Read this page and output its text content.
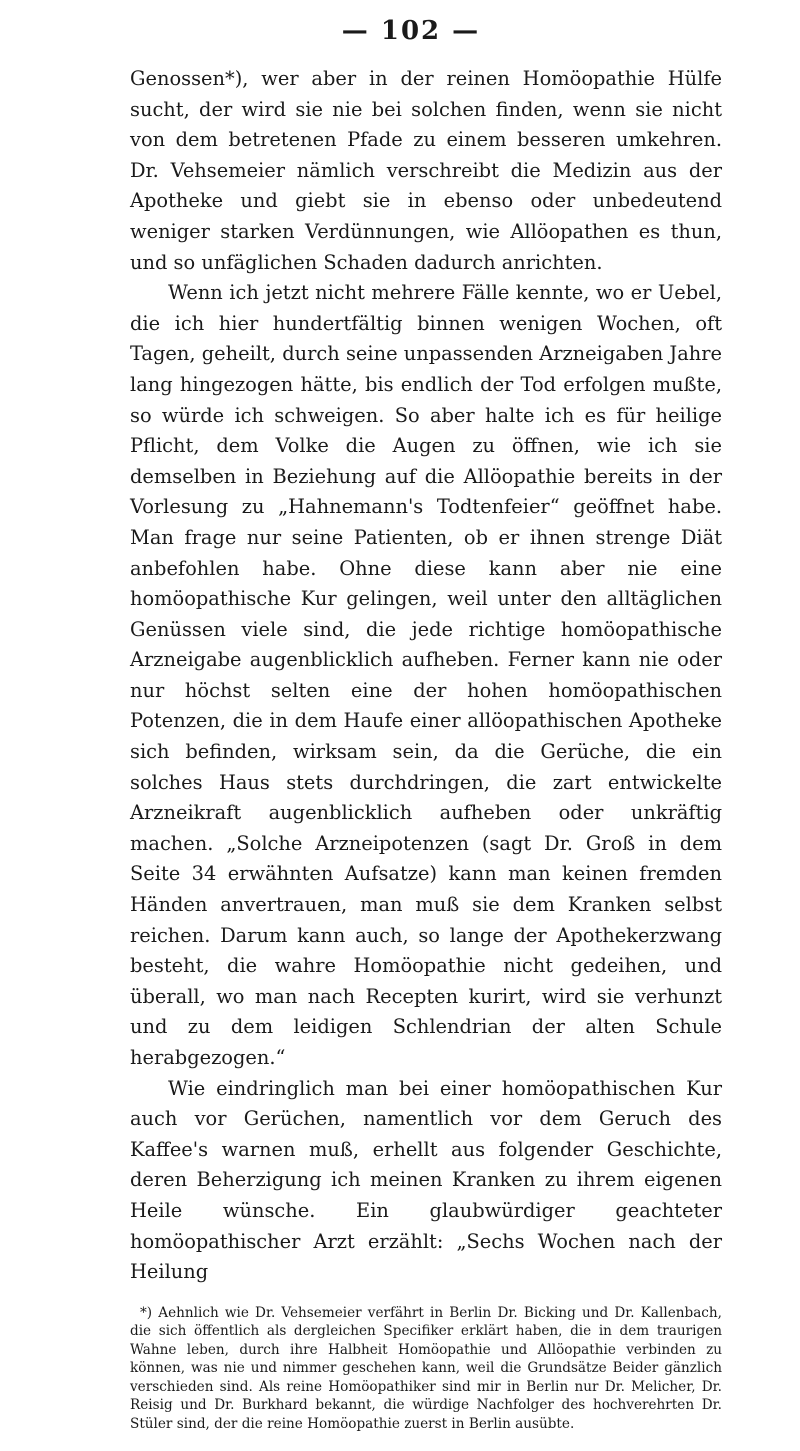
— 102 —

Genossen*), wer aber in der reinen Homöopathie Hülfe sucht, der wird sie nie bei solchen finden, wenn sie nicht von dem betretenen Pfade zu einem besseren umkehren. Dr. Vehsemeier nämlich verschreibt die Medizin aus der Apotheke und giebt sie in ebenso oder unbedeutend weniger starken Verdünnungen, wie Allöopathen es thun, und so unfäglichen Schaden dadurch anrichten.

Wenn ich jetzt nicht mehrere Fälle kennte, wo er Uebel, die ich hier hundertfältig binnen wenigen Wochen, oft Tagen, geheilt, durch seine unpassenden Arzneigaben Jahre lang hingezogen hätte, bis endlich der Tod erfolgen mußte, so würde ich schweigen. So aber halte ich es für heilige Pflicht, dem Volke die Augen zu öffnen, wie ich sie demselben in Beziehung auf die Allöopathie bereits in der Vorlesung zu „Hahnemann's Todtenfeier“ geöffnet habe. Man frage nur seine Patienten, ob er ihnen strenge Diät anbefohlen habe. Ohne diese kann aber nie eine homöopathische Kur gelingen, weil unter den alltäglichen Genüssen viele sind, die jede richtige homöopathische Arzneigabe augenblicklich aufheben. Ferner kann nie oder nur höchst selten eine der hohen homöopathischen Potenzen, die in dem Haufe einer allöopathischen Apotheke sich befinden, wirksam sein, da die Gerüche, die ein solches Haus stets durchdringen, die zart entwickelte Arzneikraft augenblicklich aufheben oder unkräftig machen. „Solche Arzneipotenzen (sagt Dr. Groß in dem Seite 34 erwähnten Aufsatze) kann man keinen fremden Händen anvertrauen, man muß sie dem Kranken selbst reichen. Darum kann auch, so lange der Apothekerzwang besteht, die wahre Homöopathie nicht gedeihen, und überall, wo man nach Recepten kurirt, wird sie verhunzt und zu dem leidigen Schlendrian der alten Schule herabgezogen.“

Wie eindringlich man bei einer homöopathischen Kur auch vor Gerüchen, namentlich vor dem Geruch des Kaffee's warnen muß, erhellt aus folgender Geschichte, deren Beherzigung ich meinen Kranken zu ihrem eigenen Heile wünsche. Ein glaubwürdiger geachteter homöopathischer Arzt erzählt: „Sechs Wochen nach der Heilung

*) Aehnlich wie Dr. Vehsemeier verfährt in Berlin Dr. Bicking und Dr. Kallenbach, die sich öffentlich als dergleichen Specifiker erklärt haben, die in dem traurigen Wahne leben, durch ihre Halbheit Homöopathie und Allöopathie verbinden zu können, was nie und nimmer geschehen kann, weil die Grundsätze Beider gänzlich verschieden sind. Als reine Homöopathiker sind mir in Berlin nur Dr. Melicher, Dr. Reisig und Dr. Burkhard bekannt, die würdige Nachfolger des hochverehrten Dr. Stüler sind, der die reine Homöopathie zuerst in Berlin ausübte.
